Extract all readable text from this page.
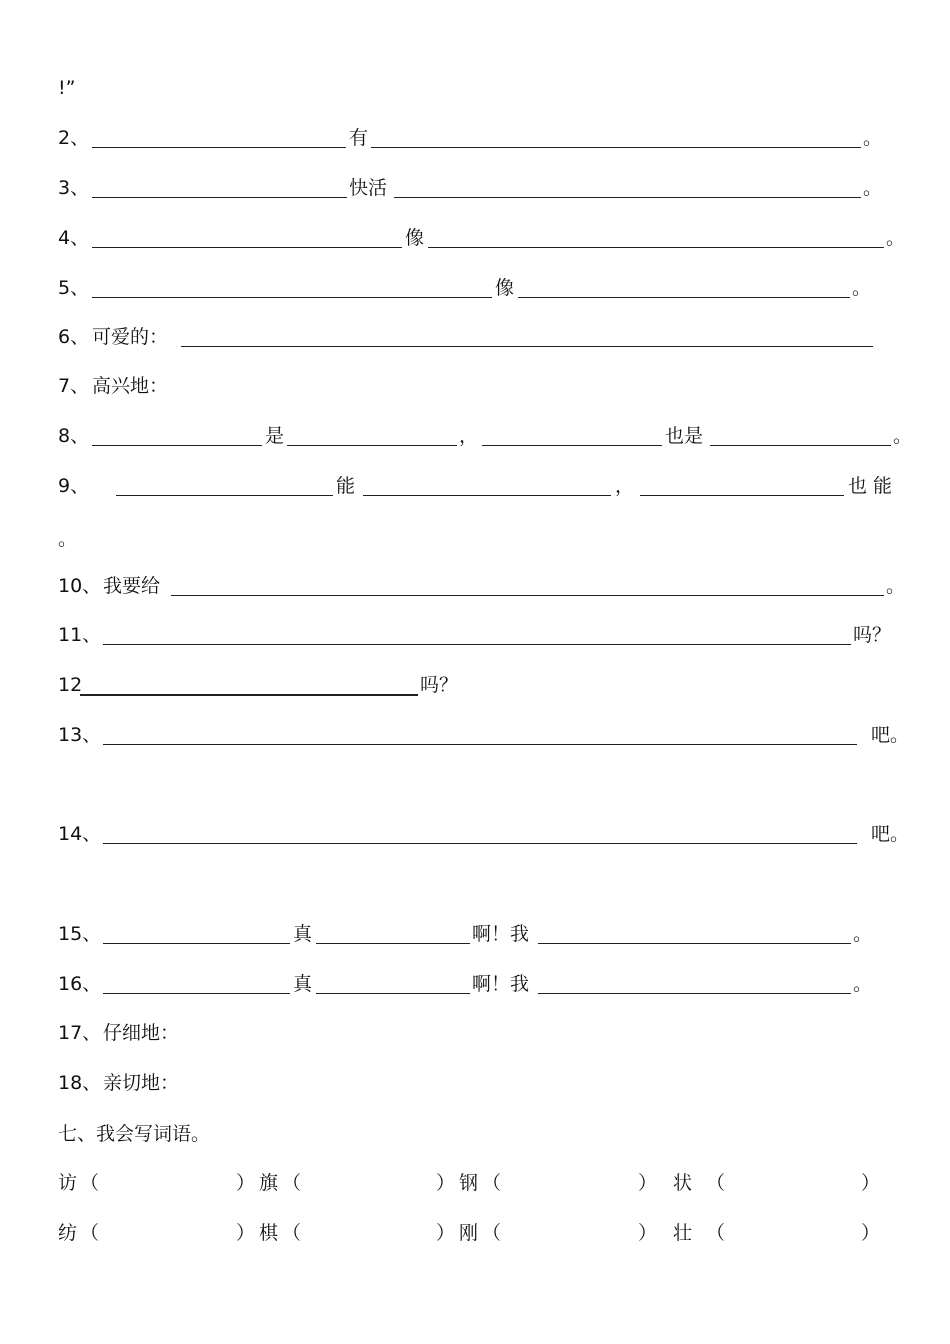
!”
2、	有	。
3、	快活	。
4、	像	。
5、	像	。
6、 可爱的：
7、 高兴地：
8、	是	，	也是	。
9、	能	，	也 能
。
10、 我要给	。
11、	吗？
12	吗？
13、	吧。
14、	吧。
15、	真	啊！我	。
16、	真	啊！我	。
17、 仔细地：
18、 亲切地：
七、我会写词语。
访 （	） 旗 （	） 钢 （	） 状 （	）
纺 （	） 棋 （	） 刚 （	） 壮 （	）
